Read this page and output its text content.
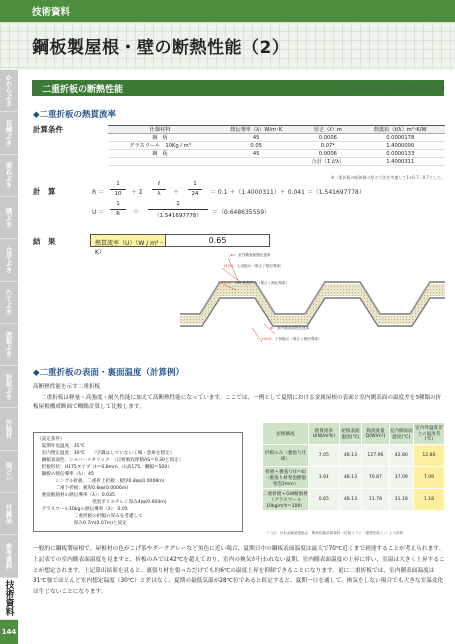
技術資料
鋼板製屋根・壁の断熱性能（2）
かわらぶき
瓦棒ぶき
重ねぶき
横ぶき
立平ぶき
たてぶき
波板ぶき
折板ぶき
外装材
雨どい
付属品
参考資料
技術資料
144
二重折板の断熱性能	（一社）日本金属屋根協会　断熱性能計算資料(HP)より抜粋
◆二重折板の熱貫流率
計算条件	仕様材料	熱伝導率（λ）W/m･K	厚さ（ℓ）m	熱抵抗（ℓ/λ）m²･K/W
鋼　板	45	0.0006	0.0000178
グラスウール　10Kg / m³	0.05	0.07*	1.4000000
鋼　板	45	0.0006	0.0000133
		合計（Σ ℓ/λ）	1.4000311
※二重折板の断熱層の厚さ寸法を考慮して1×0.7＝0.7とした。
計　算	R ＝
1
10	＋ Σ
ℓ
λ	＋
1
24	＝ 0.1 ＋（1.4000311）＋ 0.041 ＝（1.541697778）
U ＝
1
R	＝
1
（1.541697778）	＝（0.648635559）
結　果	熱貫流率（U）（W / m² ･K）
0.65
αo：室外側表面熱伝達率
ℓ1/λ1：上折板の（厚さ / 熱伝導率）
ℓ2/λ2：GW 断熱材の（厚さ / 熱伝導率）
αi：室内側表面熱伝達率
ℓ3/λ3：下折板の（厚さ / 熱伝導率）
◆二重折板の表面・裏面温度（計算例）
高断熱性能を示す二重折板
二重折板は軽量・高強度・耐久性能に加えて高断熱性能になっています。ここでは、一例として夏期における金属屋根の表面と室内側表面の温度差を3種類の折板屋根構成断面で概略計算して比較します。
（設定条件）
　夏期外気温度：35℃
　室内想定温度：30℃　　（空調はしていない工場・倉庫を想定）
　鋼板表面色：シルバーメタリック　（日射吸収係数AS＝0.30と仮定）
　折板形状：H175タイプ（t＝0.8mm、山高175、働幅＝500）
　鋼板の熱伝導率（λ）：45
　　　　シングル折板、二重折上折板：板厚0.8㎜(0.0008m)
　　　　二重下折板：板厚0.6㎜(0.0006m)
　裏張断熱材の熱伝導率（λ）：0.035
　　　　　　　　　　　　発泡ポリエチレン厚み4㎜(0.004m)
　グラスウール10kgの熱伝導率（λ）：0.05
　　　　　　　　二重折板の折幅の厚みを考慮して
　　　　　　　　厚み0.7m(0.07m)と設定
屋根構成	熱貫流率 U(W/m²K)	屋根表面温度(℃)	熱流流量Q(W/m²)	室内側表面温度(℃)	室内外温度差との温度差(℃)
折板のみ（裏張り仕様）	7.05	48.13	127.96	42.80	12.80
折板＋裏張り(t＝4)（裏張り材発泡樹脂発泡2mm）	3.91	48.13	70.87	37.09	7.09
二重折板＋GW断熱材（グラスウール10kg/m³t＝100）	0.65	48.13	11.78	31.18	1.18
（一社）日本金属屋根協会　断熱性能計算資料（折板ソフト「夏期を除く」）より抜粋
一般的に鋼板製屋根で、屋根材の色がこげ茶やダークグレーなど黒色に近い場合、夏期日中の鋼板表面温度は最大で70℃近くまで到達することが考えられます。上記表での室内側表面温度を見ますと、折板のみでは42℃を超えており、室内の換気が行われない夏期、室内側表面温度の上昇に伴い、室温は大きく上昇することが想定されます。上記算出結果を見ると、裏張り材を張っただけでも約6℃の温度上昇を抑制できることになります。更に二重折板では、室内側表面温度は31℃強でほとんど室内想定温度（30℃）と差はなく、夏期の最低気温が28℃位であると仮定すると、夏期一日を通して、換気をしない場合でも大きな室温変化は生じないことになります。
